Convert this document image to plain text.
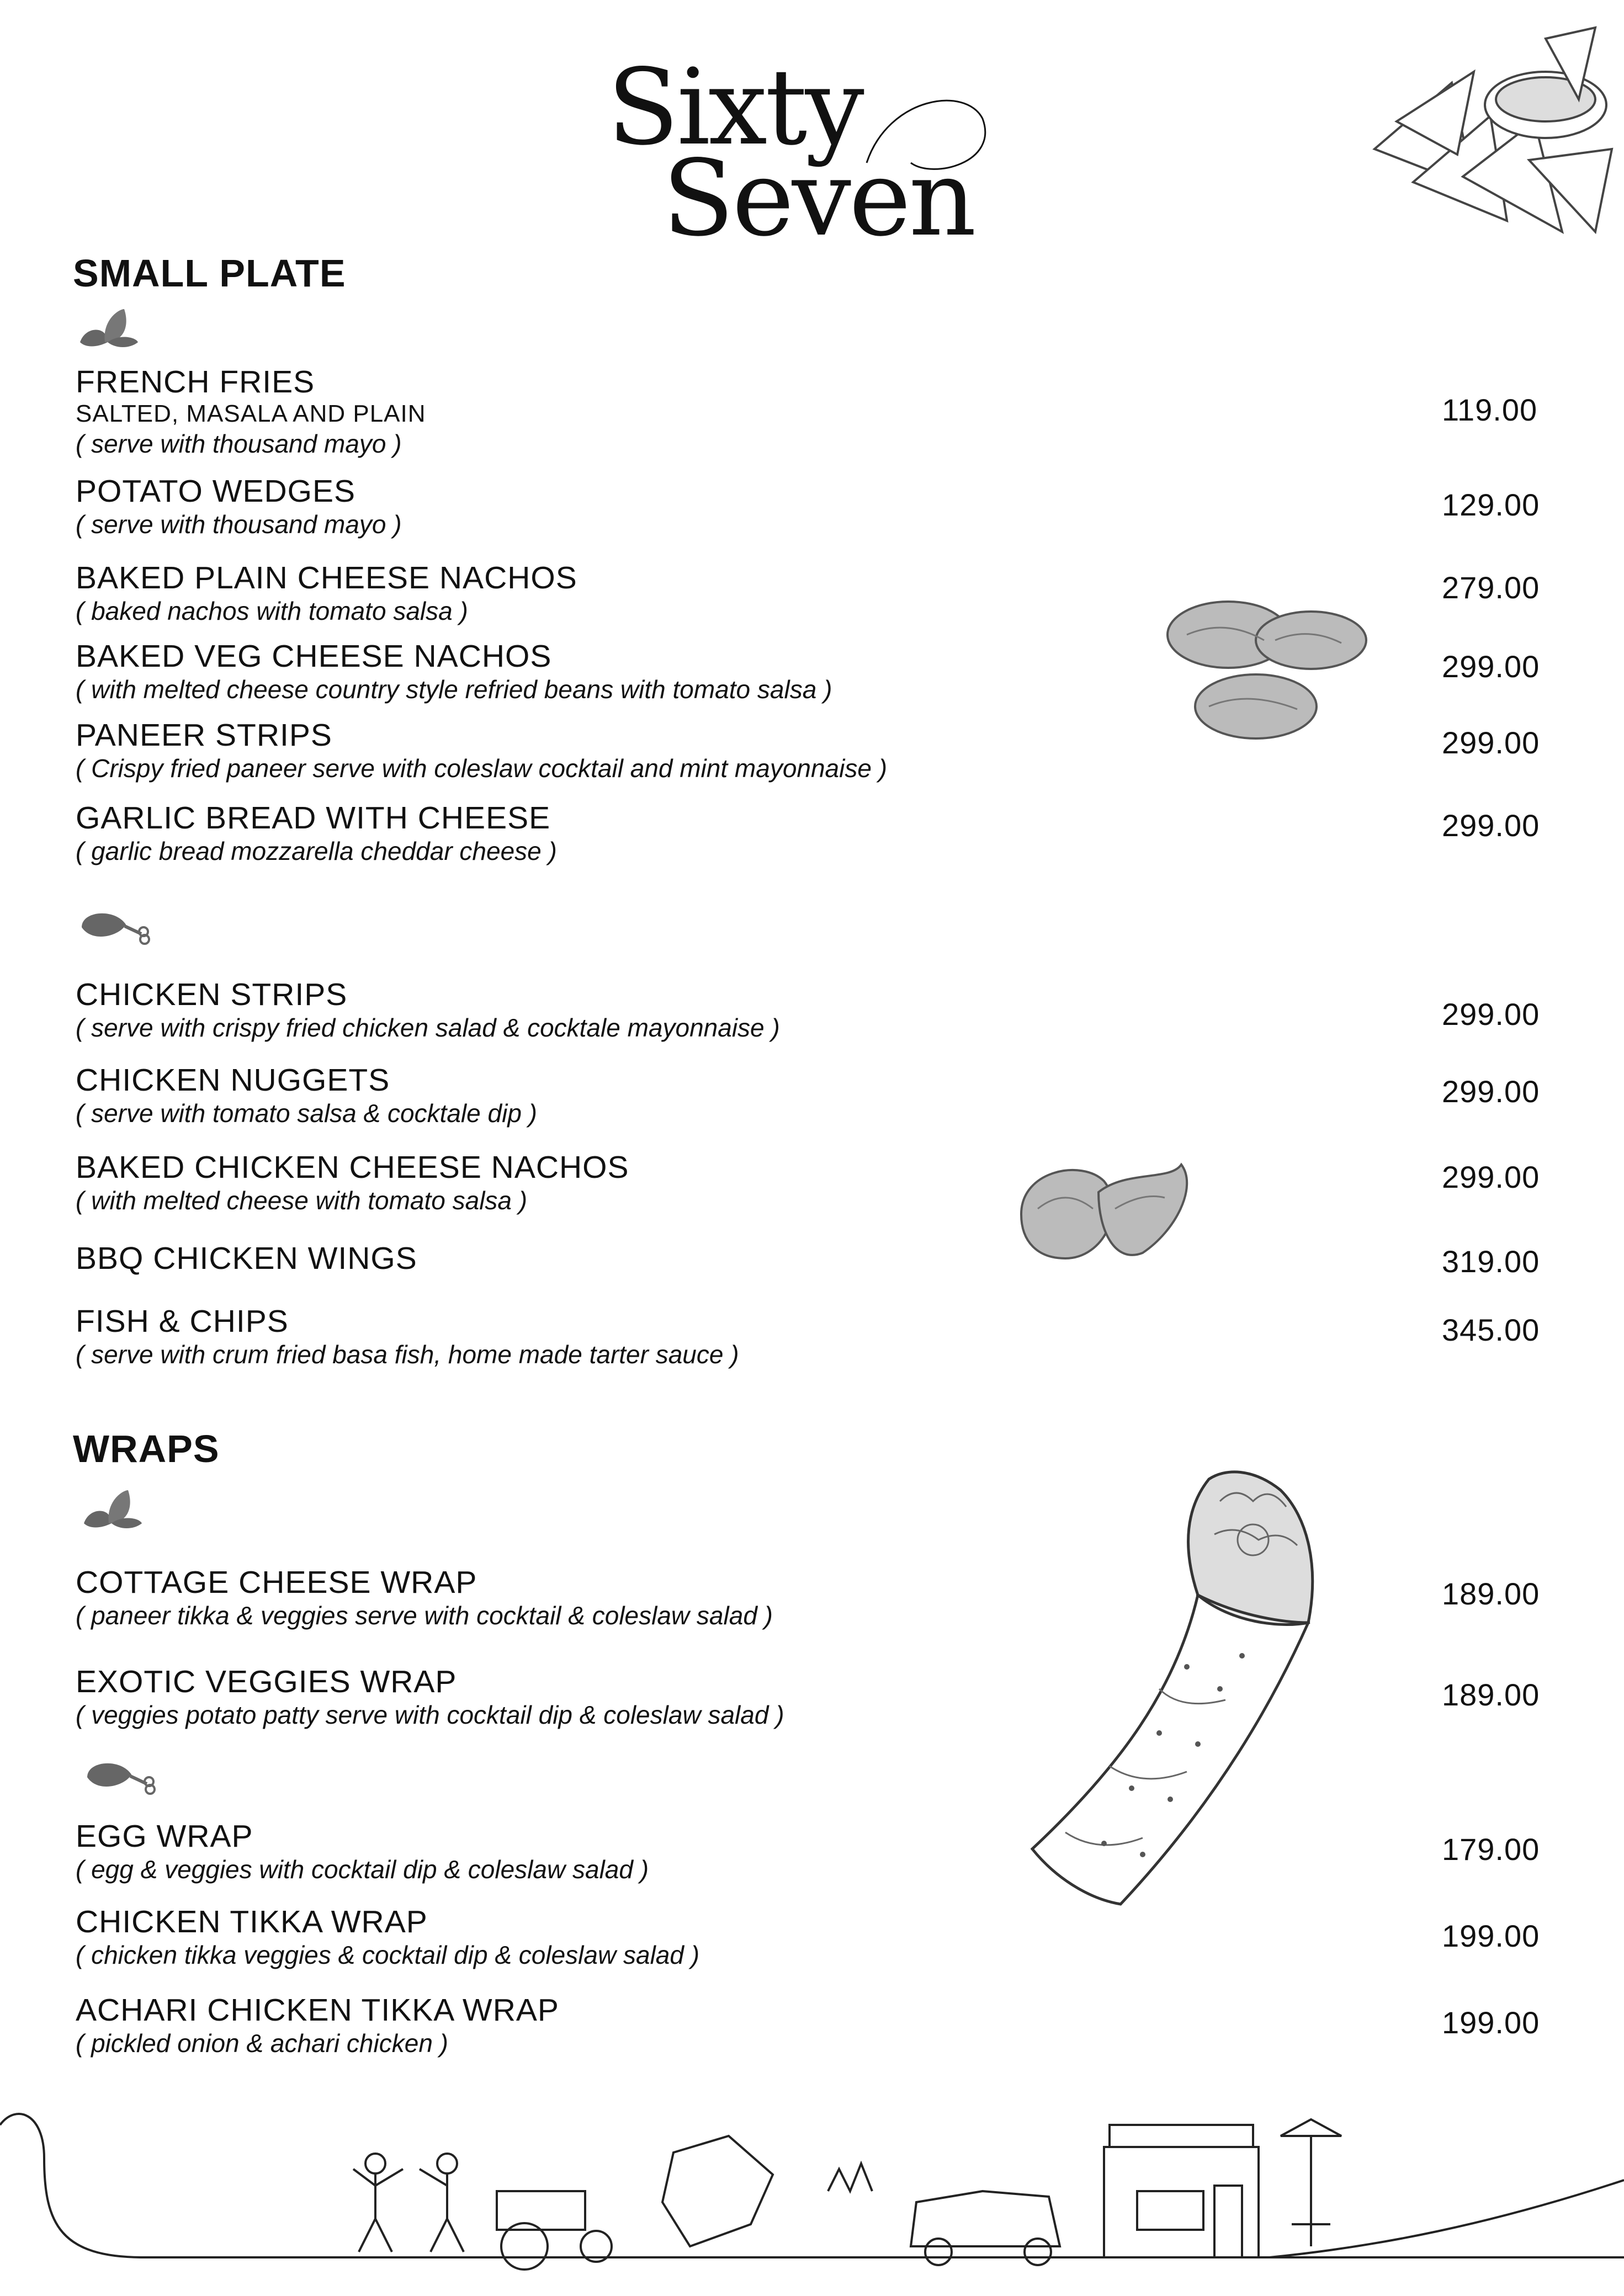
Sixty
Seven
SMALL PLATE
FRENCH FRIES
SALTED, MASALA AND PLAIN
( serve with thousand mayo )
119.00
POTATO WEDGES
( serve with thousand mayo )
129.00
BAKED PLAIN CHEESE NACHOS
( baked nachos with tomato salsa )
279.00
BAKED VEG CHEESE NACHOS
( with melted cheese country style refried beans with tomato salsa )
299.00
PANEER STRIPS
( Crispy fried paneer serve with coleslaw cocktail and mint mayonnaise )
299.00
GARLIC BREAD WITH CHEESE
( garlic bread mozzarella cheddar cheese )
299.00
CHICKEN STRIPS
( serve with crispy fried chicken salad & cocktale mayonnaise )	299.00
CHICKEN NUGGETS
( serve with tomato salsa & cocktale dip )
299.00
BAKED CHICKEN CHEESE NACHOS
( with melted cheese with tomato salsa )
299.00
BBQ CHICKEN WINGS	319.00
FISH & CHIPS
( serve with crum fried basa fish, home made tarter sauce )
345.00
WRAPS
COTTAGE CHEESE WRAP
( paneer tikka & veggies serve with cocktail & coleslaw salad )
189.00
EXOTIC VEGGIES WRAP
( veggies potato patty serve with cocktail dip & coleslaw salad )
189.00
EGG WRAP
( egg & veggies with cocktail dip & coleslaw salad )
179.00
CHICKEN TIKKA WRAP
( chicken tikka veggies & cocktail dip & coleslaw salad )
199.00
ACHARI CHICKEN TIKKA WRAP
( pickled onion & achari chicken )
199.00
